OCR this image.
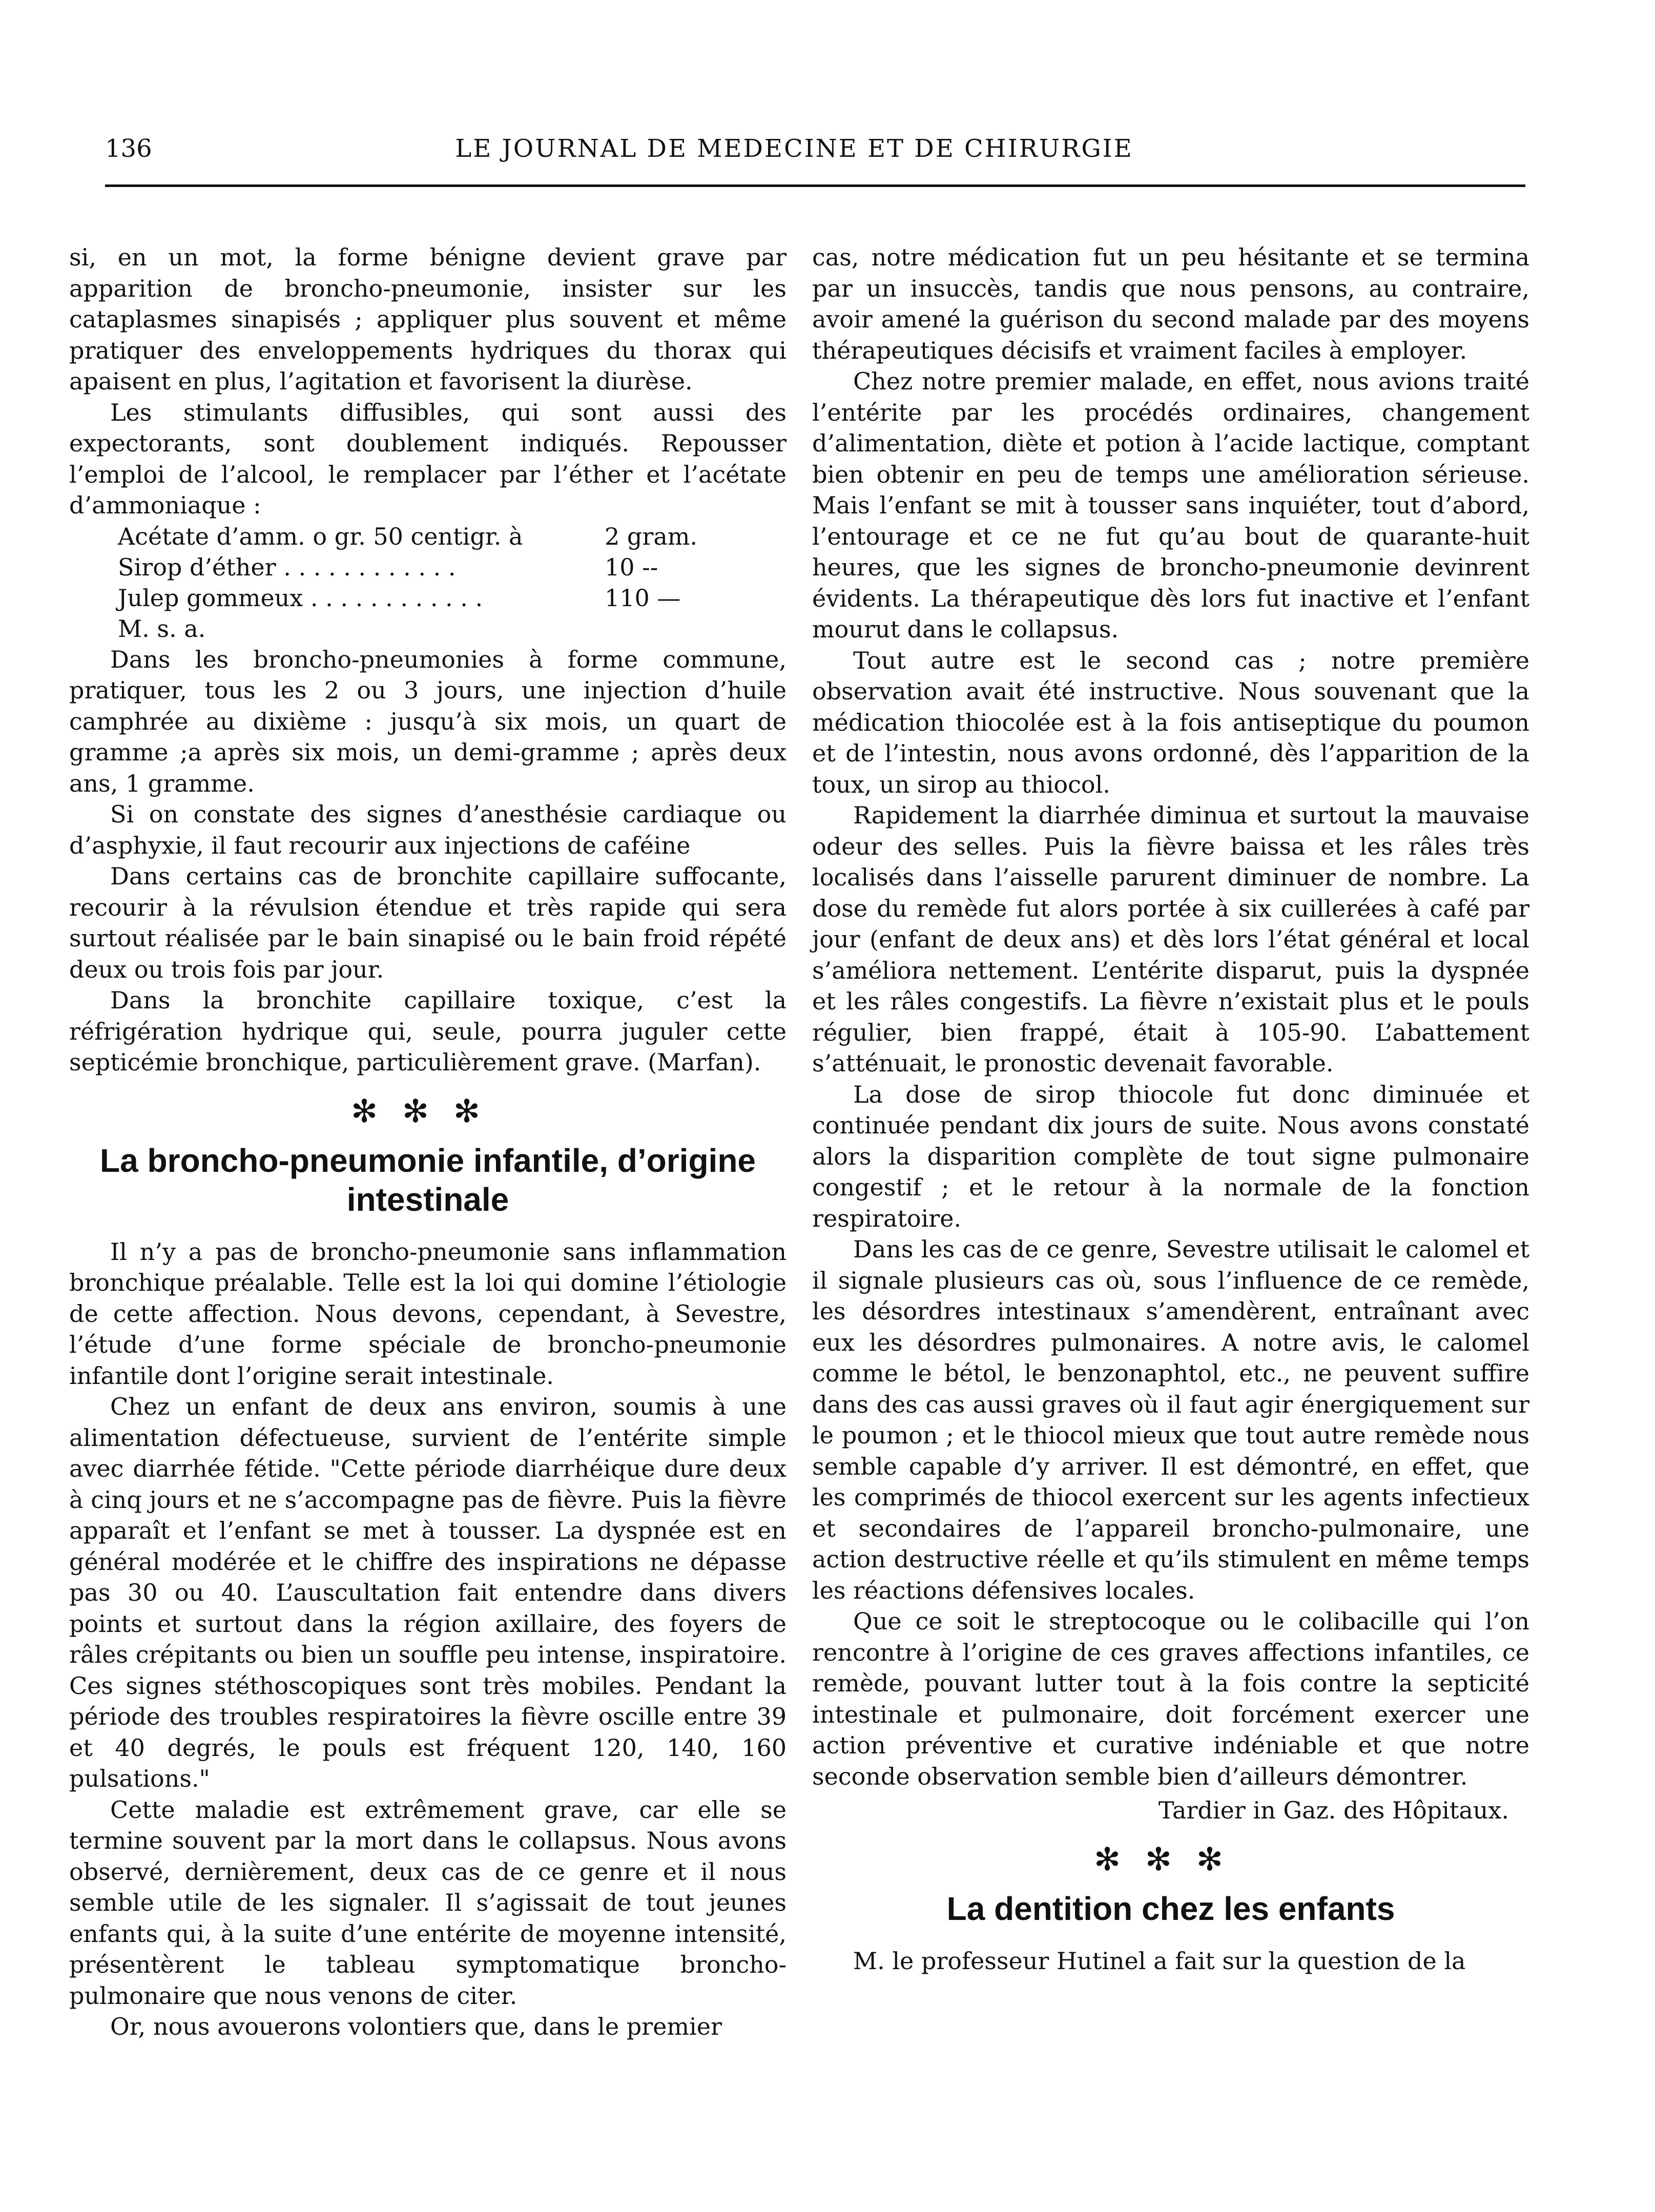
136	LE JOURNAL DE MEDECINE ET DE CHIRURGIE

si, en un mot, la forme bénigne devient grave par apparition de broncho-pneumonie, insister sur les cataplasmes sinapisés ; appliquer plus souvent et même pratiquer des enveloppements hydriques du thorax qui apaisent en plus, l’agitation et favorisent la diurèse.

Les stimulants diffusibles, qui sont aussi des expectorants, sont doublement indiqués. Repousser l’emploi de l’alcool, le remplacer par l’éther et l’acétate d’ammoniaque :

Acétate d’amm. o gr. 50 centigr. à	2 gram.
Sirop d’éther . . . . . . . . . . . .	10 --
Julep gommeux . . . . . . . . . . . .	110 —
M. s. a.

Dans les broncho-pneumonies à forme commune, pratiquer, tous les 2 ou 3 jours, une injection d’huile camphrée au dixième : jusqu’à six mois, un quart de gramme ;a après six mois, un demi-gramme ; après deux ans, 1 gramme.

Si on constate des signes d’anesthésie cardiaque ou d’asphyxie, il faut recourir aux injections de caféine

Dans certains cas de bronchite capillaire suffocante, recourir à la révulsion étendue et très rapide qui sera surtout réalisée par le bain sinapisé ou le bain froid répété deux ou trois fois par jour.

Dans la bronchite capillaire toxique, c’est la réfrigération hydrique qui, seule, pourra juguler cette septicémie bronchique, particulièrement grave. (Marfan).

✻✻✻
La broncho-pneumonie infantile, d’origine intestinale

Il n’y a pas de broncho-pneumonie sans inflammation bronchique préalable. Telle est la loi qui domine l’étiologie de cette affection. Nous devons, cependant, à Sevestre, l’étude d’une forme spéciale de broncho-pneumonie infantile dont l’origine serait intestinale.

Chez un enfant de deux ans environ, soumis à une alimentation défectueuse, survient de l’entérite simple avec diarrhée fétide. "Cette période diarrhéique dure deux à cinq jours et ne s’accompagne pas de fièvre. Puis la fièvre apparaît et l’enfant se met à tousser. La dyspnée est en général modérée et le chiffre des inspirations ne dépasse pas 30 ou 40. L’auscultation fait entendre dans divers points et surtout dans la région axillaire, des foyers de râles crépitants ou bien un souffle peu intense, inspiratoire. Ces signes stéthoscopiques sont très mobiles. Pendant la période des troubles respiratoires la fièvre oscille entre 39 et 40 degrés, le pouls est fréquent 120, 140, 160 pulsations."

Cette maladie est extrêmement grave, car elle se termine souvent par la mort dans le collapsus. Nous avons observé, dernièrement, deux cas de ce genre et il nous semble utile de les signaler. Il s’agissait de tout jeunes enfants qui, à la suite d’une entérite de moyenne intensité, présentèrent le tableau symptomatique broncho-pulmonaire que nous venons de citer.

Or, nous avouerons volontiers que, dans le premier

cas, notre médication fut un peu hésitante et se termina par un insuccès, tandis que nous pensons, au contraire, avoir amené la guérison du second malade par des moyens thérapeutiques décisifs et vraiment faciles à employer.

Chez notre premier malade, en effet, nous avions traité l’entérite par les procédés ordinaires, changement d’alimentation, diète et potion à l’acide lactique, comptant bien obtenir en peu de temps une amélioration sérieuse. Mais l’enfant se mit à tousser sans inquiéter, tout d’abord, l’entourage et ce ne fut qu’au bout de quarante-huit heures, que les signes de broncho-pneumonie devinrent évidents. La thérapeutique dès lors fut inactive et l’enfant mourut dans le collapsus.

Tout autre est le second cas ; notre première observation avait été instructive. Nous souvenant que la médication thiocolée est à la fois antiseptique du poumon et de l’intestin, nous avons ordonné, dès l’apparition de la toux, un sirop au thiocol.

Rapidement la diarrhée diminua et surtout la mauvaise odeur des selles. Puis la fièvre baissa et les râles très localisés dans l’aisselle parurent diminuer de nombre. La dose du remède fut alors portée à six cuillerées à café par jour (enfant de deux ans) et dès lors l’état général et local s’améliora nettement. L’entérite disparut, puis la dyspnée et les râles congestifs. La fièvre n’existait plus et le pouls régulier, bien frappé, était à 105-90. L’abattement s’atténuait, le pronostic devenait favorable.

La dose de sirop thiocole fut donc diminuée et continuée pendant dix jours de suite. Nous avons constaté alors la disparition complète de tout signe pulmonaire congestif ; et le retour à la normale de la fonction respiratoire.

Dans les cas de ce genre, Sevestre utilisait le calomel et il signale plusieurs cas où, sous l’influence de ce remède, les désordres intestinaux s’amendèrent, entraînant avec eux les désordres pulmonaires. A notre avis, le calomel comme le bétol, le benzonaphtol, etc., ne peuvent suffire dans des cas aussi graves où il faut agir énergiquement sur le poumon ; et le thiocol mieux que tout autre remède nous semble capable d’y arriver. Il est démontré, en effet, que les comprimés de thiocol exercent sur les agents infectieux et secondaires de l’appareil broncho-pulmonaire, une action destructive réelle et qu’ils stimulent en même temps les réactions défensives locales.

Que ce soit le streptocoque ou le colibacille qui l’on rencontre à l’origine de ces graves affections infantiles, ce remède, pouvant lutter tout à la fois contre la septicité intestinale et pulmonaire, doit forcément exercer une action préventive et curative indéniable et que notre seconde observation semble bien d’ailleurs démontrer.

Tardier in Gaz. des Hôpitaux.

✻✻✻
La dentition chez les enfants

M. le professeur Hutinel a fait sur la question de la
